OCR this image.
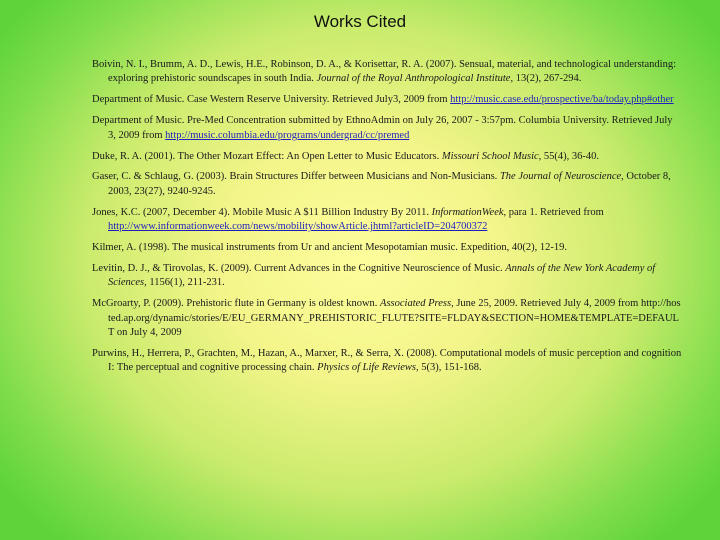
Works Cited

Boivin, N. I., Brumm, A. D., Lewis, H.E., Robinson, D. A., & Korisettar, R. A. (2007). Sensual, material, and technological understanding: exploring prehistoric soundscapes in south India. Journal of the Royal Anthropological Institute, 13(2), 267-294.

Department of Music. Case Western Reserve University. Retrieved July3, 2009 from http://music.case.edu/prospective/ba/today.php#other

Department of Music. Pre-Med Concentration submitted by EthnoAdmin on July 26, 2007 - 3:57pm. Columbia University. Retrieved July 3, 2009 from http://music.columbia.edu/programs/undergrad/cc/premed

Duke, R. A. (2001). The Other Mozart Effect: An Open Letter to Music Educators. Missouri School Music, 55(4), 36-40.

Gaser, C. & Schlaug, G. (2003). Brain Structures Differ between Musicians and Non-Musicians. The Journal of Neuroscience, October 8, 2003, 23(27), 9240-9245.

Jones, K.C. (2007, December 4). Mobile Music A $11 Billion Industry By 2011. InformationWeek, para 1. Retrieved from http://www.informationweek.com/news/mobility/showArticle.jhtml?articleID=204700372

Kilmer, A. (1998). The musical instruments from Ur and ancient Mesopotamian music. Expedition, 40(2), 12-19.

Levitin, D. J., & Tirovolas, K. (2009). Current Advances in the Cognitive Neuroscience of Music. Annals of the New York Academy of Sciences, 1156(1), 211-231.

McGroarty, P. (2009). Prehistoric flute in Germany is oldest known. Associated Press, June 25, 2009. Retrieved July 4, 2009 from http://hosted.ap.org/dynamic/stories/E/EU_GERMANY_PREHISTORIC_FLUTE?SITE=FLDAY&SECTION=HOME&TEMPLATE=DEFAULT on July 4, 2009

Purwins, H., Herrera, P., Grachten, M., Hazan, A., Marxer, R., & Serra, X. (2008). Computational models of music perception and cognition I: The perceptual and cognitive processing chain. Physics of Life Reviews, 5(3), 151-168.
